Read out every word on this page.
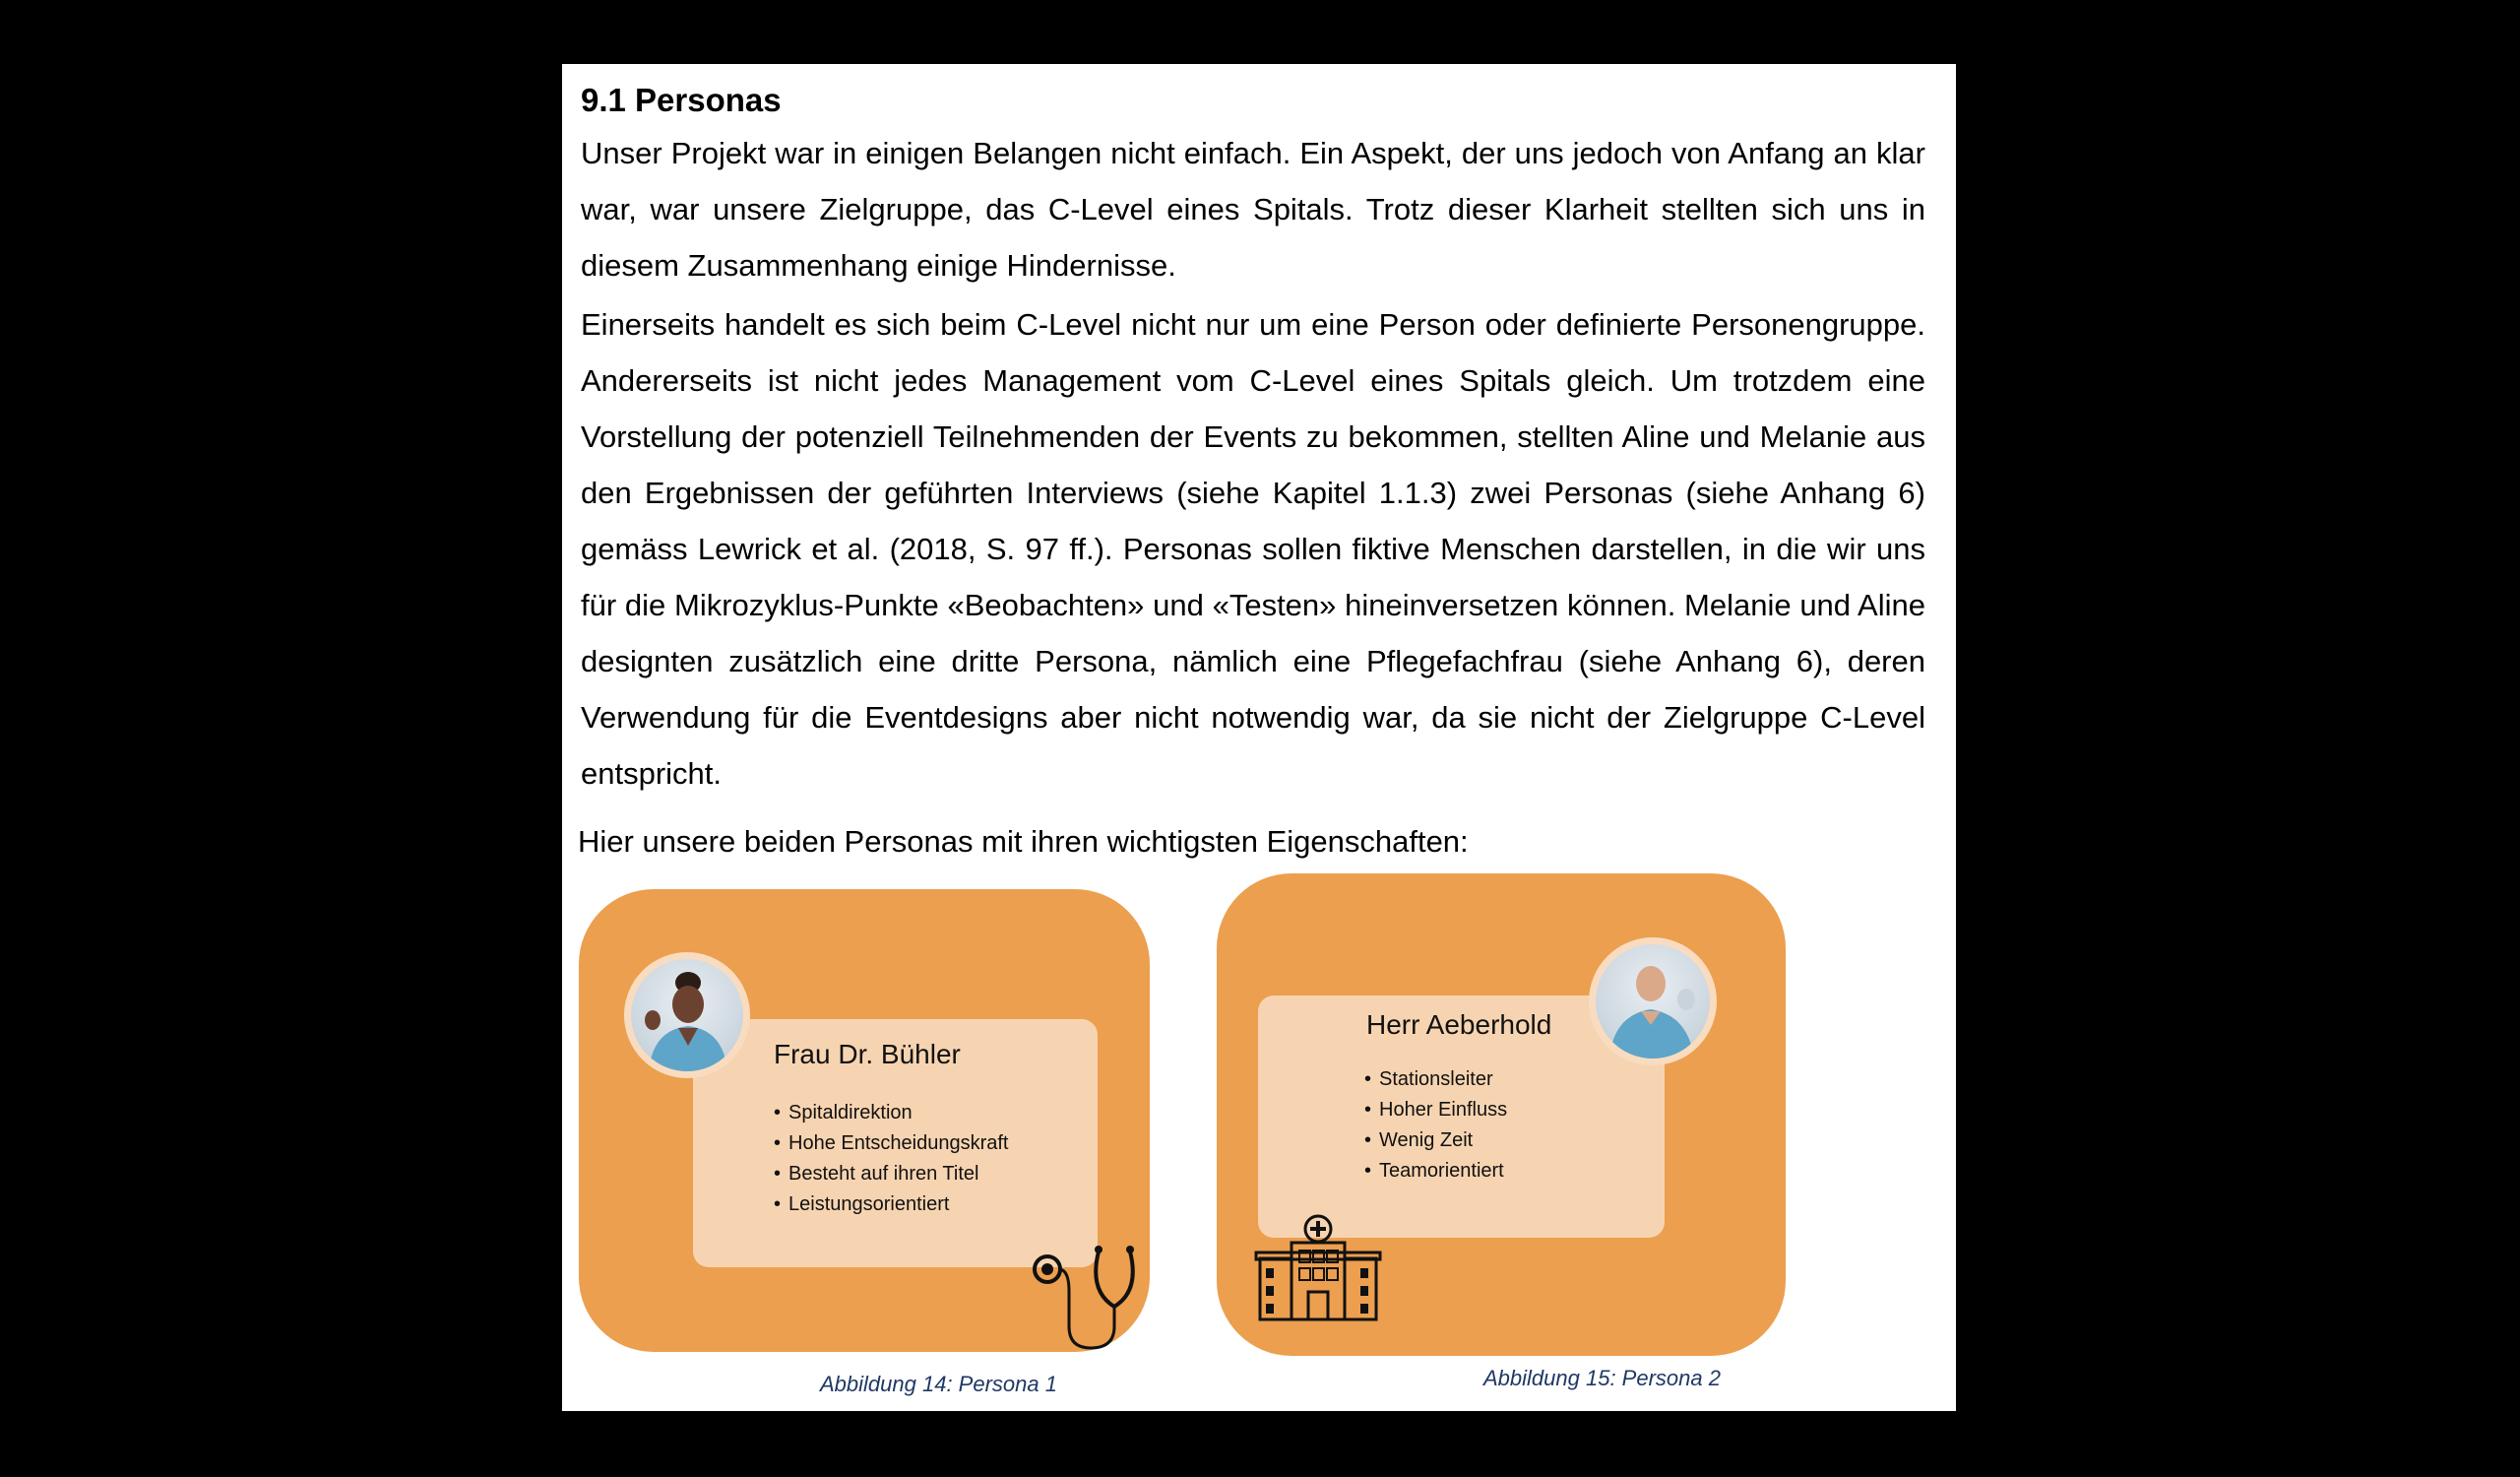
9.1 Personas

Unser Projekt war in einigen Belangen nicht einfach. Ein Aspekt, der uns jedoch von Anfang an klar war, war unsere Zielgruppe, das C-Level eines Spitals. Trotz dieser Klarheit stellten sich uns in diesem Zusammenhang einige Hindernisse.

Einerseits handelt es sich beim C-Level nicht nur um eine Person oder definierte Personengruppe. Andererseits ist nicht jedes Management vom C-Level eines Spitals gleich. Um trotzdem eine Vorstellung der potenziell Teilnehmenden der Events zu bekommen, stellten Aline und Melanie aus den Ergebnissen der geführten Interviews (siehe Kapitel 1.1.3) zwei Personas (siehe Anhang 6) gemäss Lewrick et al. (2018, S. 97 ff.). Personas sollen fiktive Menschen darstellen, in die wir uns für die Mikrozyklus-Punkte «Beobachten» und «Testen» hineinversetzen können. Melanie und Aline designten zusätzlich eine dritte Persona, nämlich eine Pflegefachfrau (siehe Anhang 6), deren Verwendung für die Eventdesigns aber nicht notwendig war, da sie nicht der Zielgruppe C-Level entspricht.

Hier unsere beiden Personas mit ihren wichtigsten Eigenschaften:

Frau Dr. Bühler

• Spitaldirektion
• Hohe Entscheidungskraft
• Besteht auf ihren Titel
• Leistungsorientiert

Abbildung 14: Persona 1

Herr Aeberhold

• Stationsleiter
• Hoher Einfluss
• Wenig Zeit
• Teamorientiert

Abbildung 15: Persona 2
